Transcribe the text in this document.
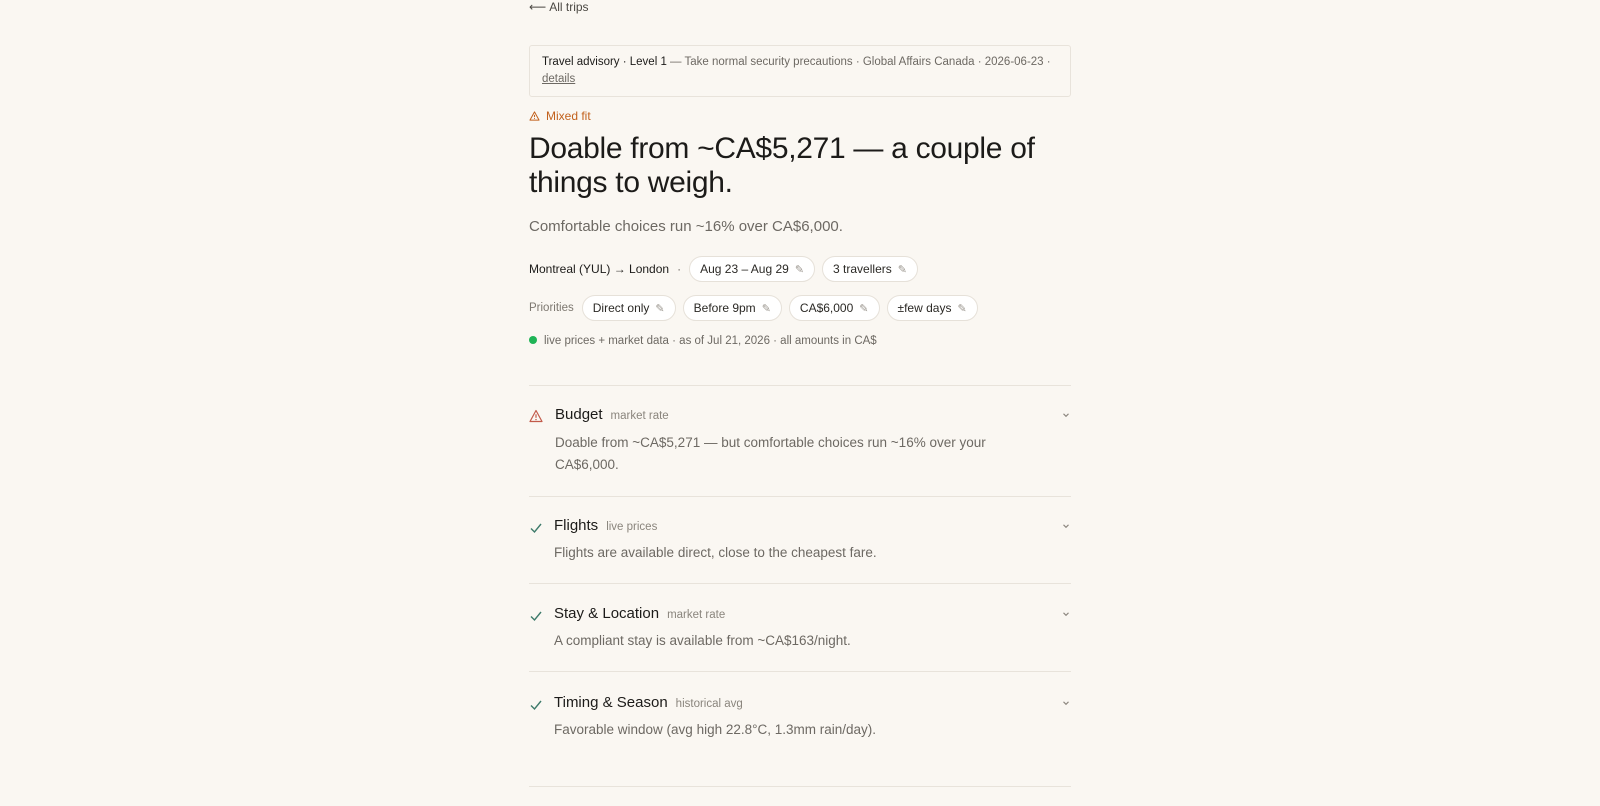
⟵ All trips
Travel advisory · Level 1 — Take normal security precautions · Global Affairs Canada · 2026-06-23 · details
Mixed fit
Doable from ~CA$5,271 — a couple of things to weigh.
Comfortable choices run ~16% over CA$6,000.
Montreal (YUL) → London · Aug 23 – Aug 29 ✎ 3 travellers ✎
Priorities Direct only ✎ Before 9pm ✎ CA$6,000 ✎ ±few days ✎
live prices + market data · as of Jul 21, 2026 · all amounts in CA$
Budget market rate
Doable from ~CA$5,271 — but comfortable choices run ~16% over your CA$6,000.
Flights live prices
Flights are available direct, close to the cheapest fare.
Stay & Location market rate
A compliant stay is available from ~CA$163/night.
Timing & Season historical avg
Favorable window (avg high 22.8°C, 1.3mm rain/day).
